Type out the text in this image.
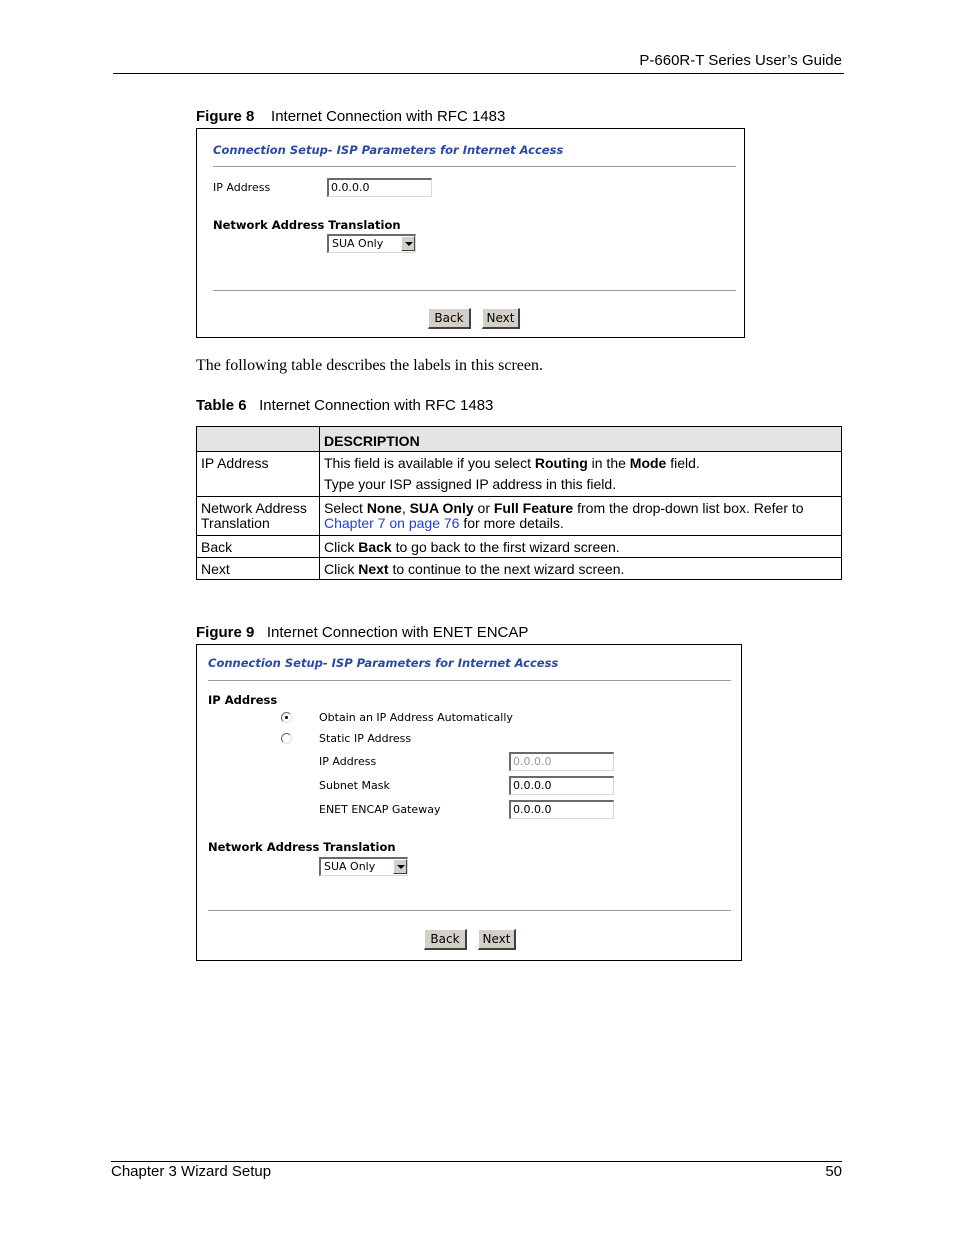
P-660R-T Series User’s Guide
Figure 8 Internet Connection with RFC 1483
Connection Setup- ISP Parameters for Internet Access
IP Address	0.0.0.0
Network Address Translation
SUA Only
Back	Next
The following table describes the labels in this screen.
Table 6 Internet Connection with RFC 1483
	DESCRIPTION
IP Address	This field is available if you select Routing in the Mode field.

Type your ISP assigned IP address in this field.

Network Address Translation	Select None, SUA Only or Full Feature from the drop-down list box. Refer to Chapter 7 on page 76 for more details.
Back	Click Back to go back to the first wizard screen.
Next	Click Next to continue to the next wizard screen.
Figure 9 Internet Connection with ENET ENCAP
Connection Setup- ISP Parameters for Internet Access
IP Address
Obtain an IP Address Automatically
Static IP Address
IP Address	0.0.0.0
Subnet Mask	0.0.0.0
ENET ENCAP Gateway	0.0.0.0
Network Address Translation
SUA Only
Back	Next
Chapter 3 Wizard Setup	50
